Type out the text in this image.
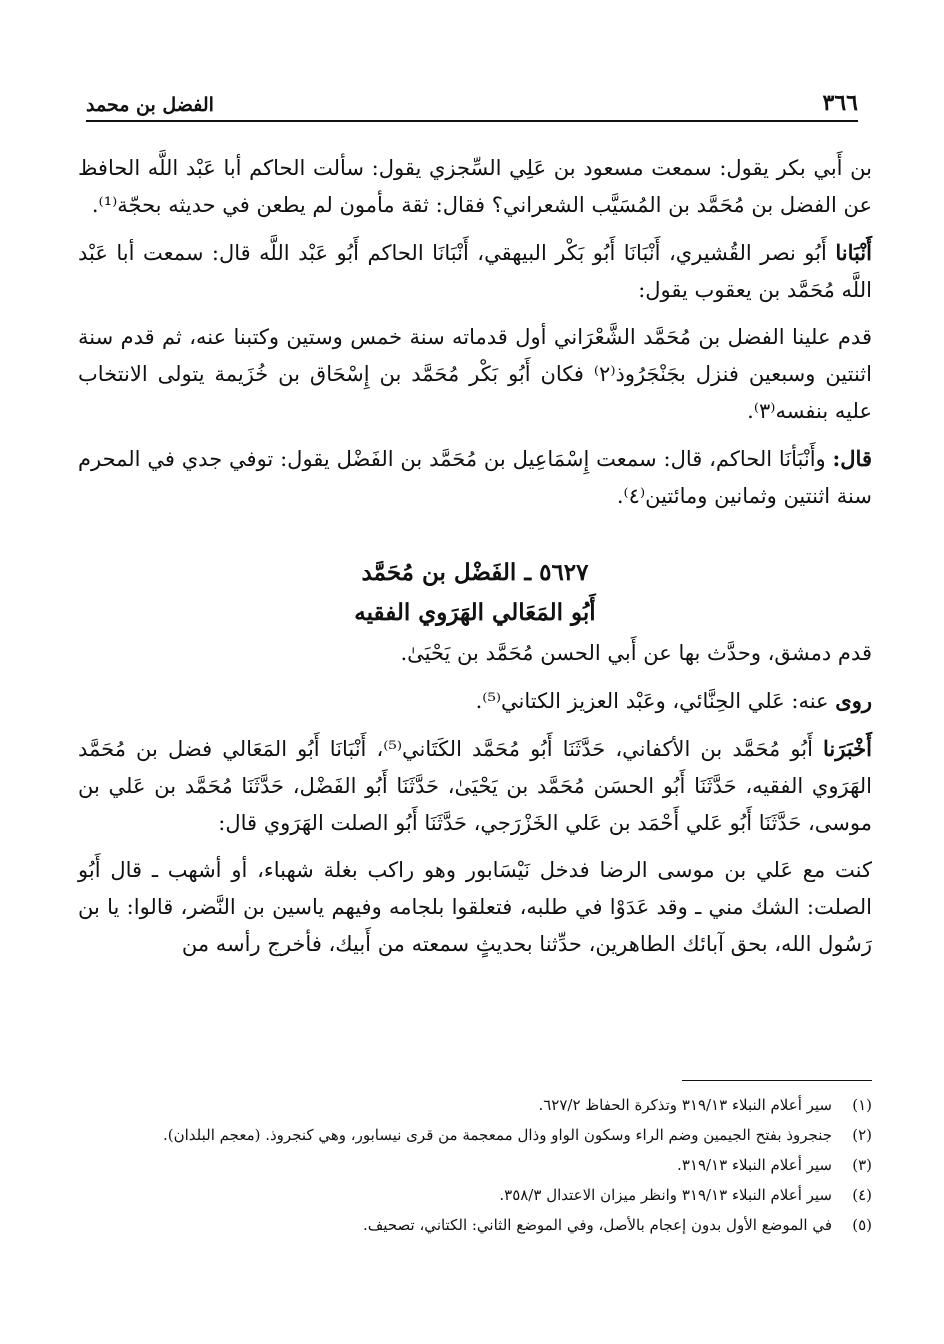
٣٦٦
الفضل بن محمد

بن أَبي بكر يقول: سمعت مسعود بن عَلِي السِّجزي يقول: سألت الحاكم أبا عَبْد اللَّه الحافظ عن الفضل بن مُحَمَّد بن المُسَيَّب الشعراني؟ فقال: ثقة مأمون لم يطعن في حديثه بحجّة⁽¹⁾.

أَنْبَانا أَبُو نصر القُشيري، أَنْبَانَا أَبُو بَكْر البيهقي، أَنْبَانَا الحاكم أَبُو عَبْد اللَّه قال: سمعت أبا عَبْد اللَّه مُحَمَّد بن يعقوب يقول:

قدم علينا الفضل بن مُحَمَّد الشَّعْرَاني أول قدماته سنة خمس وستين وكتبنا عنه، ثم قدم سنة اثنتين وسبعين فنزل بجَنْجَرُوذ⁽٢⁾ فكان أَبُو بَكْر مُحَمَّد بن إِسْحَاق بن خُزَيمة يتولى الانتخاب عليه بنفسه⁽٣⁾.

قال: وأَنْبَأنَا الحاكم، قال: سمعت إِسْمَاعِيل بن مُحَمَّد بن الفَضْل يقول: توفي جدي في المحرم سنة اثنتين وثمانين ومائتين⁽٤⁾.

٥٦٢٧ ـ الفَضْل بن مُحَمَّد
أَبُو المَعَالي الهَرَوي الفقيه

قدم دمشق، وحدَّث بها عن أَبي الحسن مُحَمَّد بن يَحْيَىٰ.

روى عنه: عَلي الحِنَّائي، وعَبْد العزيز الكتاني⁽⁵⁾.

أَخْبَرَنا أَبُو مُحَمَّد بن الأكفاني، حَدَّثَنَا أَبُو مُحَمَّد الكَتَاني⁽⁵⁾، أَنْبَانَا أَبُو المَعَالي فضل بن مُحَمَّد الهَرَوي الفقيه، حَدَّثَنَا أَبُو الحسَن مُحَمَّد بن يَحْيَىٰ، حَدَّثَنَا أَبُو الفَضْل، حَدَّثَنَا مُحَمَّد بن عَلي بن موسى، حَدَّثَنَا أَبُو عَلي أَحْمَد بن عَلي الخَزْرَجي، حَدَّثَنَا أَبُو الصلت الهَرَوي قال:

كنت مع عَلي بن موسى الرضا فدخل نَيْسَابور وهو راكب بغلة شهباء، أو أشهب ـ قال أَبُو الصلت: الشك مني ـ وقد عَدَوْا في طلبه، فتعلقوا بلجامه وفيهم ياسين بن النَّضر، قالوا: يا بن رَسُول الله، بحق آبائك الطاهرين، حدِّثنا بحديثٍ سمعته من أَبيك، فأخرج رأسه من

(١)
سير أعلام النبلاء ٣١٩/١٣ وتذكرة الحفاظ ٦٢٧/٢.
(٢)
جنجروذ بفتح الجيمين وضم الراء وسكون الواو وذال ممعجمة من قرى نيسابور، وهي كنجروذ. (معجم البلدان).
(٣)
سير أعلام النبلاء ٣١٩/١٣.
(٤)
سير أعلام النبلاء ٣١٩/١٣ وانظر ميزان الاعتدال ٣٥٨/٣.
(٥)
في الموضع الأول بدون إعجام بالأصل، وفي الموضع الثاني: الكتاني، تصحيف.
